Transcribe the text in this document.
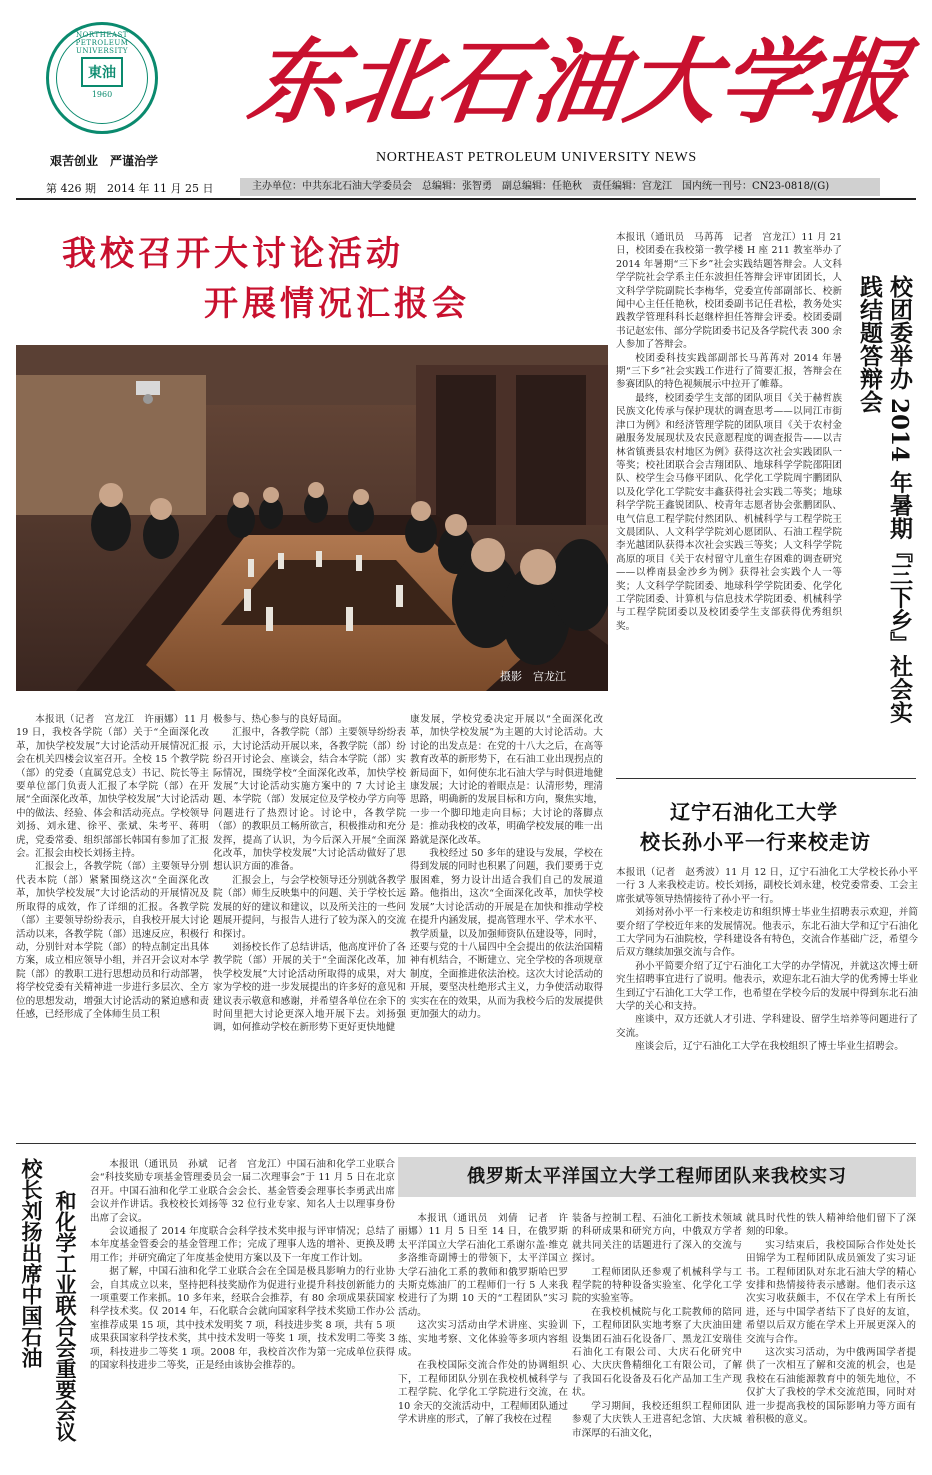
NORTHEAST PETROLEUM UNIVERSITY
東油
1960 东北石油大学报
艰苦创业　严谨治学	NORTHEAST PETROLEUM UNIVERSITY NEWS
第 426 期　2014 年 11 月 25 日	主办单位：中共东北石油大学委员会　总编辑：张智勇　副总编辑：任艳秋　责任编辑：宫龙江　国内统一刊号：CN23-0818/(G)
我校召开大讨论活动
开展情况汇报会
摄影　宫龙江	校团委举办 2014 年暑期『三下乡』社会实践结题答辩会

本报讯（通讯员　马苒苒　记者　宫龙江）11 月 21 日，校团委在我校第一教学楼 H 座 211 教室举办了 2014 年暑期“三下乡”社会实践结题答辩会。人文科学学院社会学系主任东波担任答辩会评审团团长，人文科学学院副院长李梅华，党委宣传部副部长、校新闻中心主任任艳秋，校团委副书记任君松，教务处实践教学管理科科长赵继梓担任答辩会评委。校团委副书记赵宏伟、部分学院团委书记及各学院代表 300 余人参加了答辩会。

校团委科技实践部副部长马苒苒对 2014 年暑期“三下乡”社会实践工作进行了简要汇报，答辩会在参赛团队的特色视频展示中拉开了帷幕。

最终，校团委学生支部的团队项目《关于赫哲族民族文化传承与保护现状的调查思考——以同江市街津口为例》和经济管理学院的团队项目《关于农村金融服务发展现状及农民意愿程度的调查报告——以吉林省镇赉县农村地区为例》获得这次社会实践团队一等奖；校社团联合会吉翔团队、地球科学学院邵阳团队、校学生会马修平团队、化学化工学院周宇鹏团队以及化学化工学院安丰鑫获得社会实践二等奖；地球科学学院王鑫锐团队、校青年志愿者协会张鹏团队、电气信息工程学院付然团队、机械科学与工程学院王文晨团队、人文科学学院刘心愿团队、石油工程学院李光越团队获得本次社会实践三等奖；人文科学学院高原的项目《关于农村留守儿童生存困难的调查研究——以桦南县金沙乡为例》获得社会实践个人一等奖；人文科学学院团委、地球科学学院团委、化学化工学院团委、计算机与信息技术学院团委、机械科学与工程学院团委以及校团委学生支部获得优秀组织奖。

辽宁石油化工大学
校长孙小平一行来校走访

本报讯（记者　赵秀波）11 月 12 日，辽宁石油化工大学校长孙小平一行 3 人来我校走访。校长刘扬，副校长刘永建，校党委常委、工会主席张斌等领导热情接待了孙小平一行。

刘扬对孙小平一行来校走访和组织博士毕业生招聘表示欢迎，并简要介绍了学校近年来的发展情况。他表示，东北石油大学和辽宁石油化工大学同为石油院校，学科建设各有特色，交流合作基础广泛，希望今后双方继续加强交流与合作。

孙小平简要介绍了辽宁石油化工大学的办学情况，并就这次博士研究生招聘事宜进行了说明。他表示，欢迎东北石油大学的优秀博士毕业生到辽宁石油化工大学工作，也希望在学校今后的发展中得到东北石油大学的关心和支持。

座谈中，双方还就人才引进、学科建设、留学生培养等问题进行了交流。

座谈会后，辽宁石油化工大学在我校组织了博士毕业生招聘会。

本报讯（记者　宫龙江　许丽娜）11 月 19 日，我校各学院（部）关于“全面深化改革，加快学校发展”大讨论活动开展情况汇报会在机关四楼会议室召开。全校 15 个教学院（部）的党委（直属党总支）书记、院长等主要单位部门负责人汇报了本学院（部）在开展“全面深化改革，加快学校发展”大讨论活动中的做法、经验、体会和活动亮点。学校领导刘扬、刘永建、徐平、张斌、朱考平、蒋明虎，党委常委、组织部部长韩国有参加了汇报会。汇报会由校长刘扬主持。

汇报会上，各教学院（部）主要领导分别代表本院（部）紧紧围绕这次“全面深化改革，加快学校发展”大讨论活动的开展情况及所取得的成效，作了详细的汇报。各教学院（部）主要领导纷纷表示，自我校开展大讨论活动以来，各教学院（部）迅速反应，积极行动，分别针对本学院（部）的特点制定出具体方案，成立相应领导小组，并召开会议对本学院（部）的教职工进行思想动员和行动部署，将学校党委有关精神进一步进行多层次、全方位的思想发动，增强大讨论活动的紧迫感和责任感，已经形成了全体师生员工积

极参与、热心参与的良好局面。

汇报中，各教学院（部）主要领导纷纷表示，大讨论活动开展以来，各教学院（部）纷纷召开讨论会、座谈会，结合本学院（部）实际情况，围绕学校“全面深化改革，加快学校发展”大讨论活动实施方案中的 7 大讨论主题、本学院（部）发展定位及学校办学方向等问题进行了热烈讨论。讨论中，各教学院（部）的教职员工畅所欲言，积极推动和充分发挥，提高了认识，为今后深入开展“全面深化改革，加快学校发展”大讨论活动做好了思想认识方面的准备。

汇报会上，与会学校领导还分别就各教学院（部）师生反映集中的问题、关于学校长远发展的好的建议和建议，以及所关注的一些问题展开提问，与报告人进行了较为深入的交流和探讨。

刘扬校长作了总结讲话，他高度评价了各教学院（部）开展的关于“全面深化改革，加快学校发展”大讨论活动所取得的成果，对大家为学校的进一步发展提出的许多好的意见和建议表示敬意和感谢，并希望各单位在余下的时间里把大讨论更深入地开展下去。刘扬强调，如何推动学校在新形势下更好更快地健

康发展，学校党委决定开展以“全面深化改革，加快学校发展”为主题的大讨论活动。大讨论的出发点是：在党的十八大之后，在高等教育改革的新形势下，在石油工业出现拐点的新局面下，如何使东北石油大学与时俱进地健康发展；大讨论的着眼点是：认清形势，理清思路，明确新的发展目标和方向，聚焦实地，一步一个脚印地走向目标；大讨论的落脚点是：推动我校的改革，明确学校发展的唯一出路就是深化改革。

我校经过 50 多年的建设与发展，学校在得到发展的同时也积累了问题，我们要勇于克服困难，努力设计出适合我们自己的发展道路。他指出，这次“全面深化改革，加快学校发展”大讨论活动的开展是在加快和推动学校在提升内涵发展，提高管理水平、学术水平、教学质量，以及加强师资队伍建设等，同时，还要与党的十八届四中全会提出的依法治国精神有机结合，不断建立、完全学校的各项规章制度，全面推进依法治校。这次大讨论活动的开展，要坚决杜绝形式主义，力争使活动取得实实在在的效果，从而为我校今后的发展提供更加强大的动力。

校长刘扬出席中国石油 和化学工业联合会重要会议

本报讯（通讯员　孙斌　记者　宫龙江）中国石油和化学工业联合会“科技奖励专项基金管理委员会一届二次理事会”于 11 月 5 日在北京召开。中国石油和化学工业联合会会长、基金管委会理事长李勇武出席会议并作讲话。我校校长刘扬等 32 位行业专家、知名人士以理事身份出席了会议。

会议通报了 2014 年度联合会科学技术奖申报与评审情况；总结了本年度基金管委会的基金管理工作；完成了理事人选的增补、更换及聘用工作；并研究确定了年度基金使用方案以及下一年度工作计划。

据了解，中国石油和化学工业联合会在全国是极具影响力的行业协会，自其成立以来，坚持把科技奖励作为促进行业提升科技创新能力的一项重要工作来抓。10 多年来，经联合会推荐，有 80 余项成果获国家科学技术奖。仅 2014 年，石化联合会就向国家科学技术奖励工作办公室推荐成果 15 项，其中技术发明奖 7 项，科技进步奖 8 项，共有 5 项成果获国家科学技术奖，其中技术发明一等奖 1 项，技术发明二等奖 3 项，科技进步二等奖 1 项。2008 年，我校首次作为第一完成单位获得的国家科技进步二等奖，正是经由该协会推荐的。

俄罗斯太平洋国立大学工程师团队来我校实习

本报讯（通讯员　刘倩　记者　许丽娜）11 月 5 日至 14 日，在俄罗斯太平洋国立大学石油化工系谢尔盖·维克多洛维奇副博士的带领下，太平洋国立大学石油化工系的教师和俄罗斯哈巴罗夫斯克炼油厂的工程师们一行 5 人来我校进行了为期 10 天的“工程团队”实习活动。

这次实习活动由学术讲座、实验训练、实地考察、文化体验等多项内容组成。

在我校国际交流合作处的协调组织下，工程师团队分别在我校机械科学与工程学院、化学化工学院进行交流，在 10 余天的交流活动中，工程师团队通过学术讲座的形式，了解了我校在过程

装备与控制工程、石油化工新技术领域的科研成果和研究方向，中俄双方学者就共同关注的话题进行了深入的交流与探讨。

工程师团队还参观了机械科学与工程学院的特种设备实验室、化学化工学院的实验室等。

在我校机械院与化工院教师的陪同下，工程师团队实地考察了大庆油田建设集团石油石化设备厂、黑龙江安瑞佳石油化工有限公司、大庆石化研究中心、大庆庆鲁精细化工有限公司，了解了我国石化设备及石化产品加工生产现状。

学习期间，我校还组织工程师团队参观了大庆铁人王进喜纪念馆、大庆城市深厚的石油文化，

就具时代性的铁人精神给他们留下了深刻的印象。

实习结束后，我校国际合作处处长田锦学为工程师团队成员颁发了实习证书。工程师团队对东北石油大学的精心安排和热情接待表示感谢。他们表示这次实习收获颇丰，不仅在学术上有所长进，还与中国学者结下了良好的友谊，希望以后双方能在学术上开展更深入的交流与合作。

这次实习活动，为中俄两国学者提供了一次相互了解和交流的机会，也是我校在石油能源教育中的领先地位，不仅扩大了我校的学术交流范围，同时对进一步提高我校的国际影响力等方面有着积极的意义。
